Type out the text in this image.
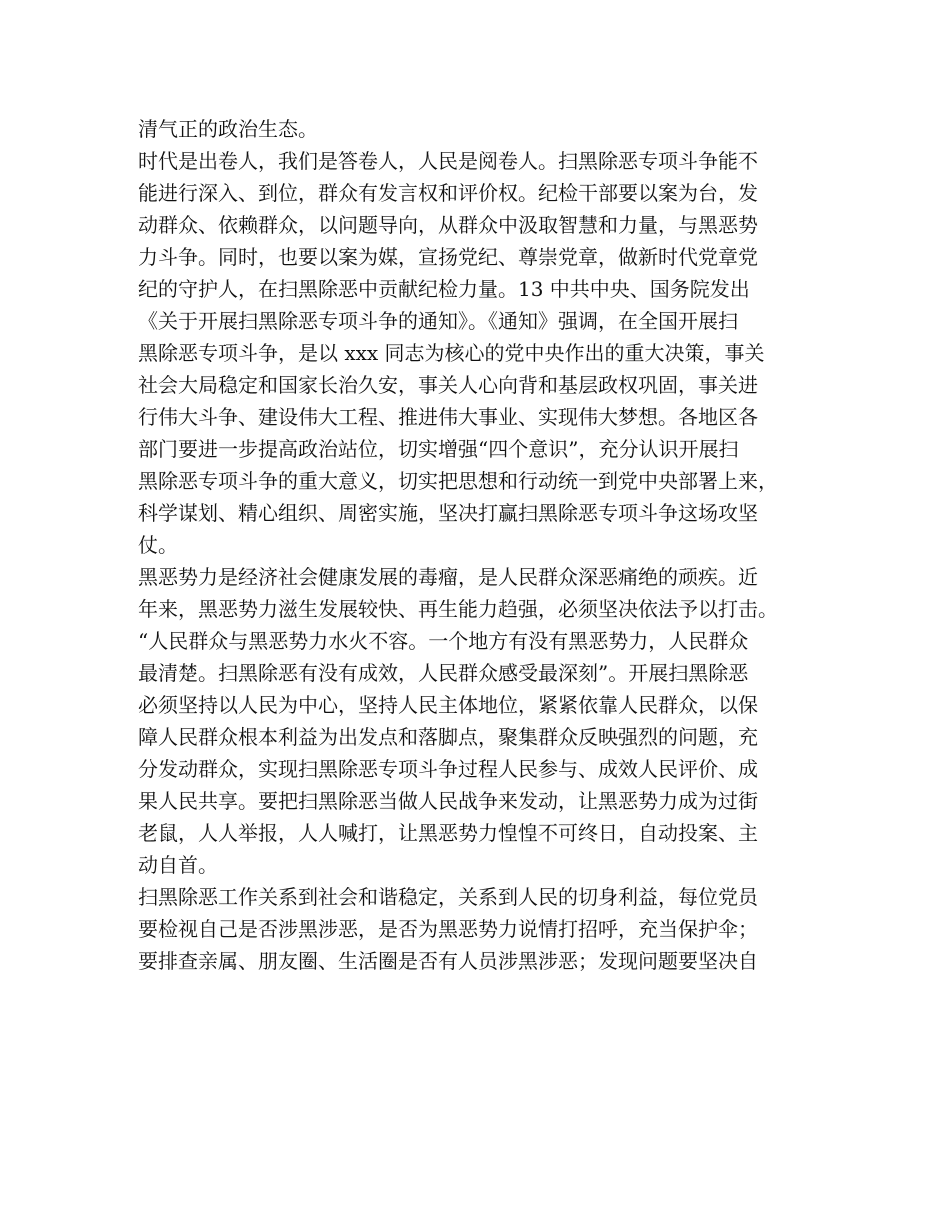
清气正的政治生态。
时代是出卷人，我们是答卷人，人民是阅卷人。扫黑除恶专项斗争能不
能进行深入、到位，群众有发言权和评价权。纪检干部要以案为台，发
动群众、依赖群众，以问题导向，从群众中汲取智慧和力量，与黑恶势
力斗争。同时，也要以案为媒，宣扬党纪、尊崇党章，做新时代党章党
纪的守护人，在扫黑除恶中贡献纪检力量。13 中共中央、国务院发出
《关于开展扫黑除恶专项斗争的通知》。《通知》强调，在全国开展扫
黑除恶专项斗争，是以 xxx 同志为核心的党中央作出的重大决策，事关
社会大局稳定和国家长治久安，事关人心向背和基层政权巩固，事关进
行伟大斗争、建设伟大工程、推进伟大事业、实现伟大梦想。各地区各
部门要进一步提高政治站位，切实增强“四个意识”，充分认识开展扫
黑除恶专项斗争的重大意义，切实把思想和行动统一到党中央部署上来，
科学谋划、精心组织、周密实施，坚决打赢扫黑除恶专项斗争这场攻坚
仗。
黑恶势力是经济社会健康发展的毒瘤，是人民群众深恶痛绝的顽疾。近
年来，黑恶势力滋生发展较快、再生能力趋强，必须坚决依法予以打击。
“人民群众与黑恶势力水火不容。一个地方有没有黑恶势力，人民群众
最清楚。扫黑除恶有没有成效，人民群众感受最深刻”。开展扫黑除恶
必须坚持以人民为中心，坚持人民主体地位，紧紧依靠人民群众，以保
障人民群众根本利益为出发点和落脚点，聚集群众反映强烈的问题，充
分发动群众，实现扫黑除恶专项斗争过程人民参与、成效人民评价、成
果人民共享。要把扫黑除恶当做人民战争来发动，让黑恶势力成为过街
老鼠，人人举报，人人喊打，让黑恶势力惶惶不可终日，自动投案、主
动自首。
扫黑除恶工作关系到社会和谐稳定，关系到人民的切身利益，每位党员
要检视自己是否涉黑涉恶，是否为黑恶势力说情打招呼，充当保护伞；
要排查亲属、朋友圈、生活圈是否有人员涉黑涉恶；发现问题要坚决自
